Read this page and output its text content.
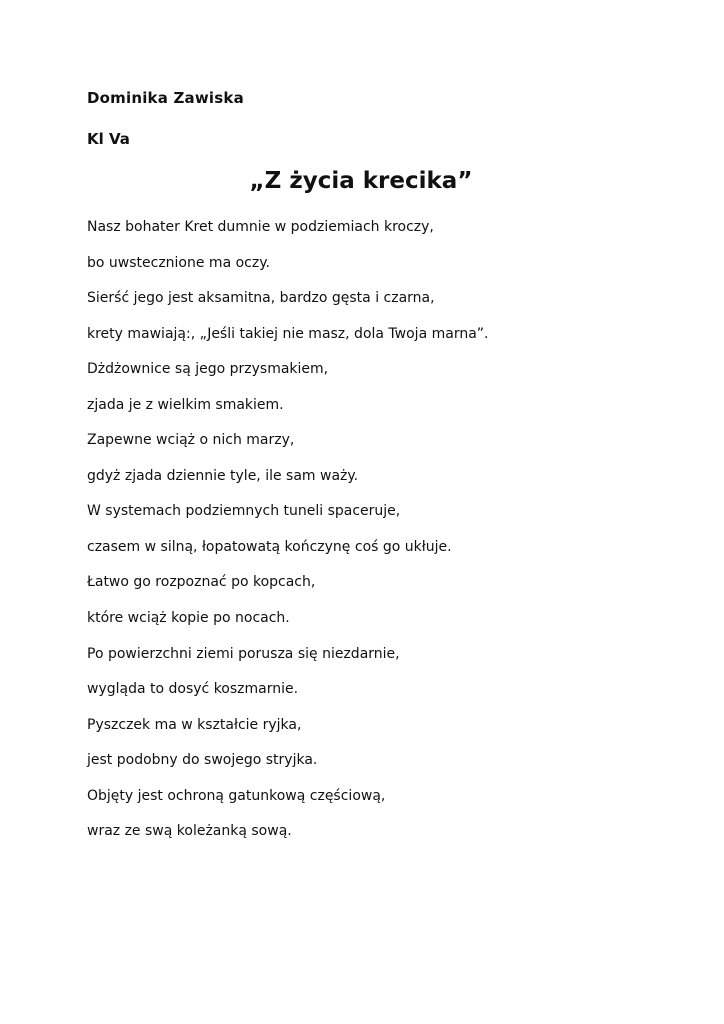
Dominika Zawiska

Kl Va

„Z życia krecika”
Nasz bohater Kret dumnie w podziemiach kroczy,
bo uwstecznione ma oczy.
Sierść jego jest aksamitna, bardzo gęsta i czarna,
krety mawiają:, „Jeśli takiej nie masz, dola Twoja marna”.
Dżdżownice są jego przysmakiem,
zjada je z wielkim smakiem.
Zapewne wciąż o nich marzy,
gdyż zjada dziennie tyle, ile sam waży.
W systemach podziemnych tuneli spaceruje,
czasem w silną, łopatowatą kończynę coś go ukłuje.
Łatwo go rozpoznać po kopcach,
które wciąż kopie po nocach.
Po powierzchni ziemi porusza się niezdarnie,
wygląda to dosyć koszmarnie.
Pyszczek ma w kształcie ryjka,
jest podobny do swojego stryjka.
Objęty jest ochroną gatunkową częściową,
wraz ze swą koleżanką sową.
